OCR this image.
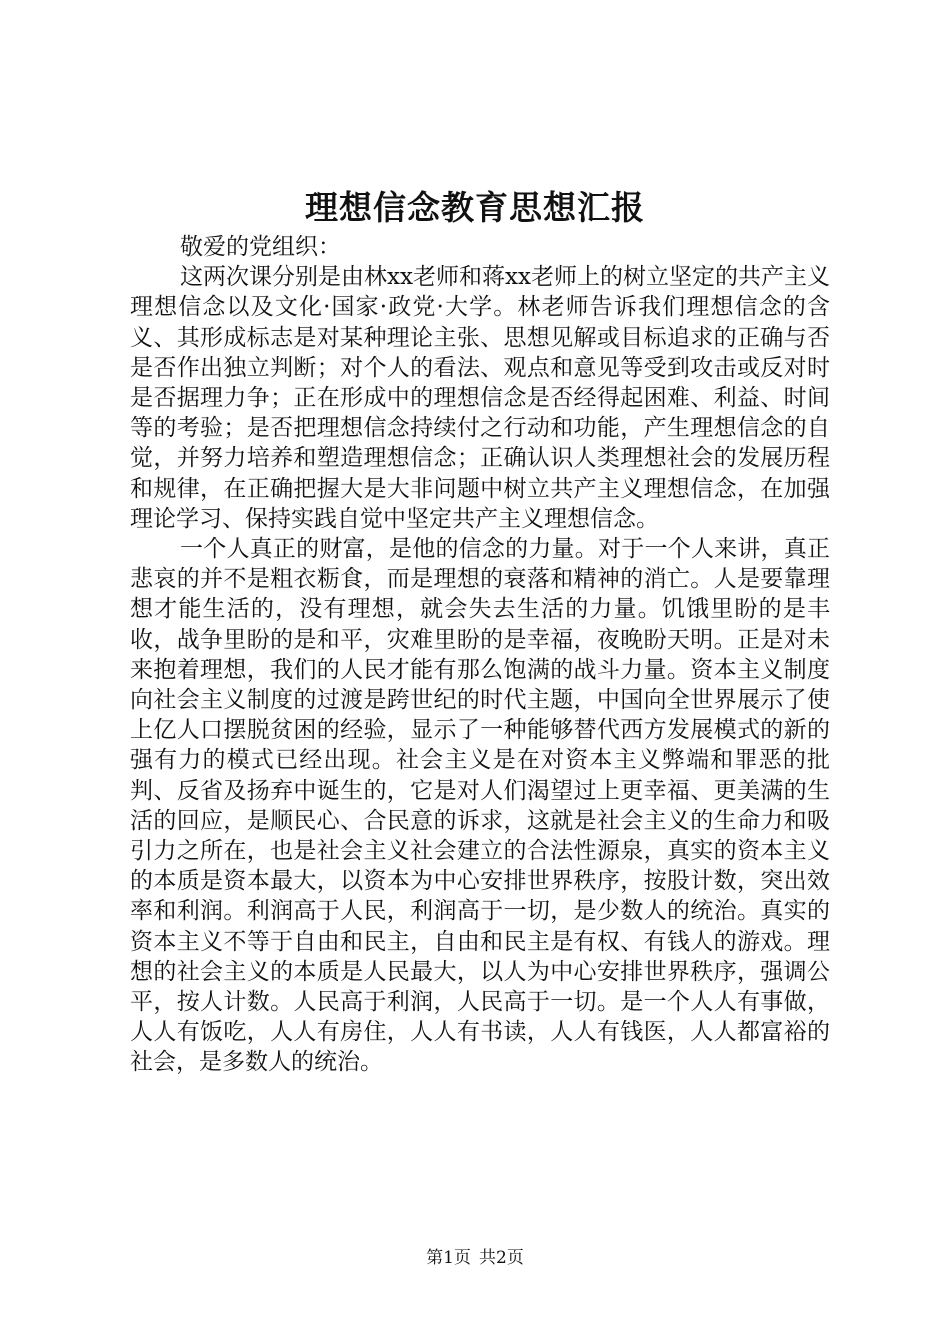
理想信念教育思想汇报

敬爱的党组织：

这两次课分别是由林xx老师和蒋xx老师上的树立坚定的共产主义理想信念以及文化·国家·政党·大学。林老师告诉我们理想信念的含义、其形成标志是对某种理论主张、思想见解或目标追求的正确与否是否作出独立判断；对个人的看法、观点和意见等受到攻击或反对时是否据理力争；正在形成中的理想信念是否经得起困难、利益、时间等的考验；是否把理想信念持续付之行动和功能，产生理想信念的自觉，并努力培养和塑造理想信念；正确认识人类理想社会的发展历程和规律，在正确把握大是大非问题中树立共产主义理想信念，在加强理论学习、保持实践自觉中坚定共产主义理想信念。

一个人真正的财富，是他的信念的力量。对于一个人来讲，真正悲哀的并不是粗衣粝食，而是理想的衰落和精神的消亡。人是要靠理想才能生活的，没有理想，就会失去生活的力量。饥饿里盼的是丰收，战争里盼的是和平，灾难里盼的是幸福，夜晚盼天明。正是对未来抱着理想，我们的人民才能有那么饱满的战斗力量。资本主义制度向社会主义制度的过渡是跨世纪的时代主题，中国向全世界展示了使上亿人口摆脱贫困的经验，显示了一种能够替代西方发展模式的新的强有力的模式已经出现。社会主义是在对资本主义弊端和罪恶的批判、反省及扬弃中诞生的，它是对人们渴望过上更幸福、更美满的生活的回应，是顺民心、合民意的诉求，这就是社会主义的生命力和吸引力之所在，也是社会主义社会建立的合法性源泉，真实的资本主义的本质是资本最大，以资本为中心安排世界秩序，按股计数，突出效率和利润。利润高于人民，利润高于一切，是少数人的统治。真实的资本主义不等于自由和民主，自由和民主是有权、有钱人的游戏。理想的社会主义的本质是人民最大，以人为中心安排世界秩序，强调公平，按人计数。人民高于利润，人民高于一切。是一个人人有事做，人人有饭吃，人人有房住，人人有书读，人人有钱医，人人都富裕的社会，是多数人的统治。

第1页 共2页
